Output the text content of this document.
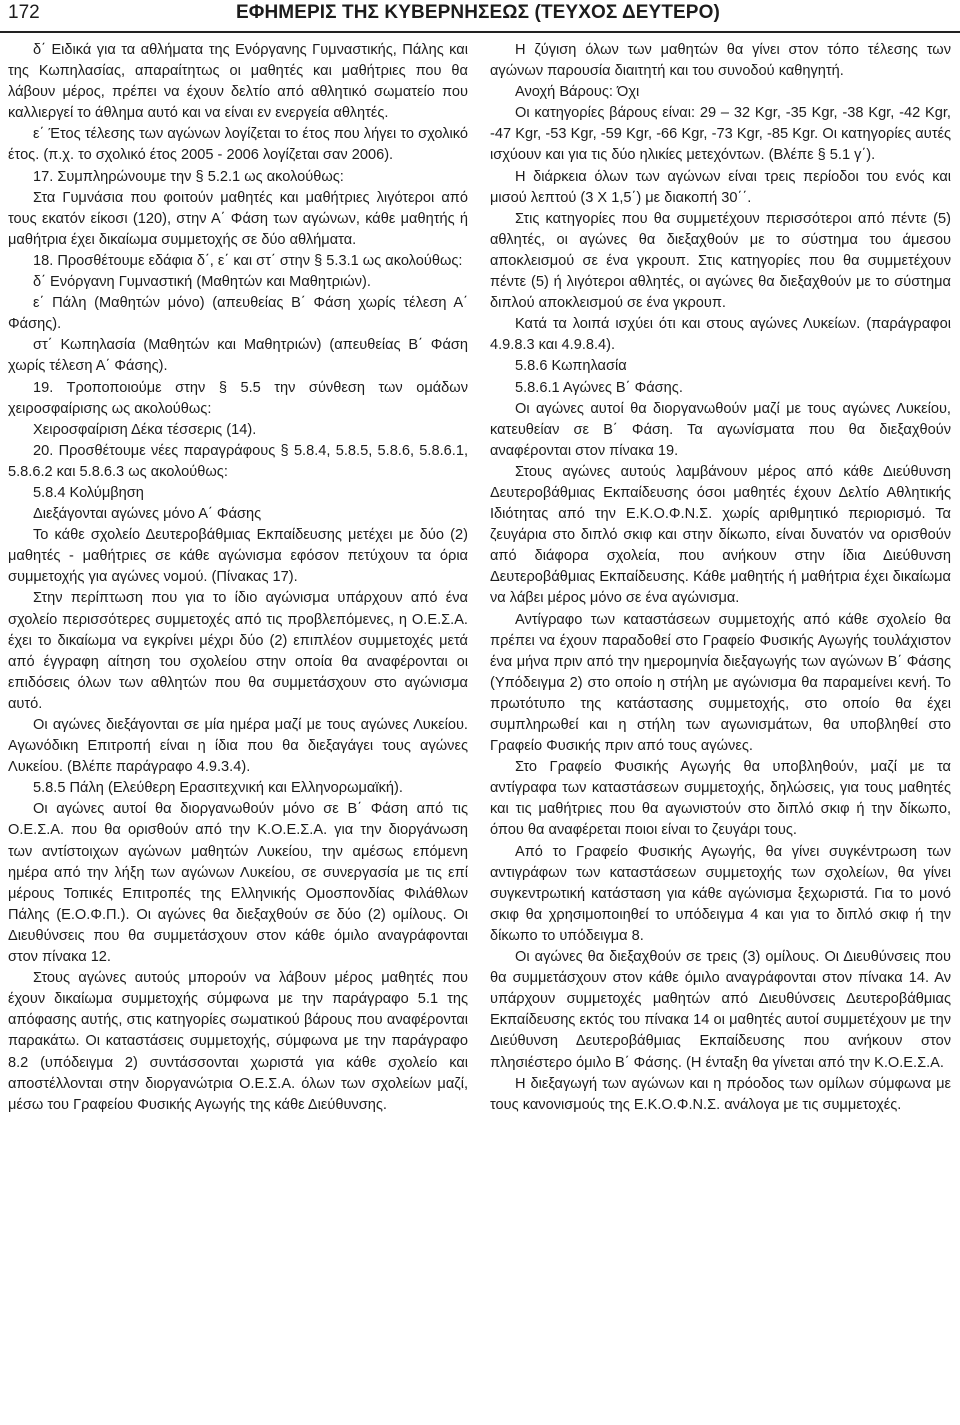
172	ΕΦΗΜΕΡΙΣ ΤΗΣ ΚΥΒΕΡΝΗΣΕΩΣ (ΤΕΥΧΟΣ ΔΕΥΤΕΡΟ)

δ΄ Ειδικά για τα αθλήματα της Ενόργανης Γυμναστικής, Πάλης και της Κωπηλασίας, απαραίτητως οι μαθητές και μαθήτριες που θα λάβουν μέρος, πρέπει να έχουν δελτίο από αθλητικό σωματείο που καλλιεργεί το άθλημα αυτό και να είναι εν ενεργεία αθλητές.

ε΄ Έτος τέλεσης των αγώνων λογίζεται το έτος που λήγει το σχολικό έτος. (π.χ. το σχολικό έτος 2005 - 2006 λογίζεται σαν 2006).

17. Συμπληρώνουμε την § 5.2.1 ως ακολούθως:

Στα Γυμνάσια που φοιτούν μαθητές και μαθήτριες λιγότεροι από τους εκατόν είκοσι (120), στην Α΄ Φάση των αγώνων, κάθε μαθητής ή μαθήτρια έχει δικαίωμα συμμετοχής σε δύο αθλήματα.

18. Προσθέτουμε εδάφια δ΄, ε΄ και στ΄ στην § 5.3.1 ως ακολούθως:

δ΄ Ενόργανη Γυμναστική (Μαθητών και Μαθητριών).

ε΄ Πάλη (Μαθητών μόνο) (απευθείας Β΄ Φάση χωρίς τέλεση Α΄ Φάσης).

στ΄ Κωπηλασία (Μαθητών και Μαθητριών) (απευθείας Β΄ Φάση χωρίς τέλεση Α΄ Φάσης).

19. Τροποποιούμε στην § 5.5 την σύνθεση των ομάδων χειροσφαίρισης ως ακολούθως:

Χειροσφαίριση Δέκα τέσσερις (14).

20. Προσθέτουμε νέες παραγράφους § 5.8.4, 5.8.5, 5.8.6, 5.8.6.1, 5.8.6.2 και 5.8.6.3 ως ακολούθως:

5.8.4 Κολύμβηση

Διεξάγονται αγώνες μόνο Α΄ Φάσης

Το κάθε σχολείο Δευτεροβάθμιας Εκπαίδευσης μετέχει με δύο (2) μαθητές - μαθήτριες σε κάθε αγώνισμα εφόσον πετύχουν τα όρια συμμετοχής για αγώνες νομού. (Πίνακας 17).

Στην περίπτωση που για το ίδιο αγώνισμα υπάρχουν από ένα σχολείο περισσότερες συμμετοχές από τις προβλεπόμενες, η Ο.Ε.Σ.Α. έχει το δικαίωμα να εγκρίνει μέχρι δύο (2) επιπλέον συμμετοχές μετά από έγγραφη αίτηση του σχολείου στην οποία θα αναφέρονται οι επιδόσεις όλων των αθλητών που θα συμμετάσχουν στο αγώνισμα αυτό.

Οι αγώνες διεξάγονται σε μία ημέρα μαζί με τους αγώνες Λυκείου. Αγωνόδικη Επιτροπή είναι η ίδια που θα διεξαγάγει τους αγώνες Λυκείου. (Βλέπε παράγραφο 4.9.3.4).

5.8.5 Πάλη (Ελεύθερη Ερασιτεχνική και Ελληνορωμαϊκή).

Οι αγώνες αυτοί θα διοργανωθούν μόνο σε Β΄ Φάση από τις Ο.Ε.Σ.Α. που θα ορισθούν από την Κ.Ο.Ε.Σ.Α. για την διοργάνωση των αντίστοιχων αγώνων μαθητών Λυκείου, την αμέσως επόμενη ημέρα από την λήξη των αγώνων Λυκείου, σε συνεργασία με τις επί μέρους Τοπικές Επιτροπές της Ελληνικής Ομοσπονδίας Φιλάθλων Πάλης (Ε.Ο.Φ.Π.). Οι αγώνες θα διεξαχθούν σε δύο (2) ομίλους. Οι Διευθύνσεις που θα συμμετάσχουν στον κάθε όμιλο αναγράφονται στον πίνακα 12.

Στους αγώνες αυτούς μπορούν να λάβουν μέρος μαθητές που έχουν δικαίωμα συμμετοχής σύμφωνα με την παράγραφο 5.1 της απόφασης αυτής, στις κατηγορίες σωματικού βάρους που αναφέρονται παρακάτω. Οι καταστάσεις συμμετοχής, σύμφωνα με την παράγραφο 8.2 (υπόδειγμα 2) συντάσσονται χωριστά για κάθε σχολείο και αποστέλλονται στην διοργανώτρια Ο.Ε.Σ.Α. όλων των σχολείων μαζί, μέσω του Γραφείου Φυσικής Αγωγής της κάθε Διεύθυνσης.

Η ζύγιση όλων των μαθητών θα γίνει στον τόπο τέλεσης των αγώνων παρουσία διαιτητή και του συνοδού καθηγητή.

Ανοχή Βάρους: Όχι

Οι κατηγορίες βάρους είναι: 29 – 32 Kgr, -35 Kgr, -38 Kgr, -42 Kgr, -47 Kgr, -53 Kgr, -59 Kgr, -66 Kgr, -73 Kgr, -85 Kgr. Οι κατηγορίες αυτές ισχύουν και για τις δύο ηλικίες μετεχόντων. (Βλέπε § 5.1 γ΄).

Η διάρκεια όλων των αγώνων είναι τρεις περίοδοι του ενός και μισού λεπτού (3 Χ 1,5΄) με διακοπή 30΄΄.

Στις κατηγορίες που θα συμμετέχουν περισσότεροι από πέντε (5) αθλητές, οι αγώνες θα διεξαχθούν με το σύστημα του άμεσου αποκλεισμού σε ένα γκρουπ. Στις κατηγορίες που θα συμμετέχουν πέντε (5) ή λιγότεροι αθλητές, οι αγώνες θα διεξαχθούν με το σύστημα διπλού αποκλεισμού σε ένα γκρουπ.

Κατά τα λοιπά ισχύει ότι και στους αγώνες Λυκείων. (παράγραφοι 4.9.8.3 και 4.9.8.4).

5.8.6 Κωπηλασία

5.8.6.1 Αγώνες Β΄ Φάσης.

Οι αγώνες αυτοί θα διοργανωθούν μαζί με τους αγώνες Λυκείου, κατευθείαν σε Β΄ Φάση. Τα αγωνίσματα που θα διεξαχθούν αναφέρονται στον πίνακα 19.

Στους αγώνες αυτούς λαμβάνουν μέρος από κάθε Διεύθυνση Δευτεροβάθμιας Εκπαίδευσης όσοι μαθητές έχουν Δελτίο Αθλητικής Ιδιότητας από την Ε.Κ.Ο.Φ.Ν.Σ. χωρίς αριθμητικό περιορισμό. Τα ζευγάρια στο διπλό σκιφ και στην δίκωπο, είναι δυνατόν να ορισθούν από διάφορα σχολεία, που ανήκουν στην ίδια Διεύθυνση Δευτεροβάθμιας Εκπαίδευσης. Κάθε μαθητής ή μαθήτρια έχει δικαίωμα να λάβει μέρος μόνο σε ένα αγώνισμα.

Αντίγραφο των καταστάσεων συμμετοχής από κάθε σχολείο θα πρέπει να έχουν παραδοθεί στο Γραφείο Φυσικής Αγωγής τουλάχιστον ένα μήνα πριν από την ημερομηνία διεξαγωγής των αγώνων Β΄ Φάσης (Υπόδειγμα 2) στο οποίο η στήλη με αγώνισμα θα παραμείνει κενή. Το πρωτότυπο της κατάστασης συμμετοχής, στο οποίο θα έχει συμπληρωθεί και η στήλη των αγωνισμάτων, θα υποβληθεί στο Γραφείο Φυσικής πριν από τους αγώνες.

Στο Γραφείο Φυσικής Αγωγής θα υποβληθούν, μαζί με τα αντίγραφα των καταστάσεων συμμετοχής, δηλώσεις, για τους μαθητές και τις μαθήτριες που θα αγωνιστούν στο διπλό σκιφ ή την δίκωπο, όπου θα αναφέρεται ποιοι είναι το ζευγάρι τους.

Από το Γραφείο Φυσικής Αγωγής, θα γίνει συγκέντρωση των αντιγράφων των καταστάσεων συμμετοχής των σχολείων, θα γίνει συγκεντρωτική κατάσταση για κάθε αγώνισμα ξεχωριστά. Για το μονό σκιφ θα χρησιμοποιηθεί το υπόδειγμα 4 και για το διπλό σκιφ ή την δίκωπο το υπόδειγμα 8.

Οι αγώνες θα διεξαχθούν σε τρεις (3) ομίλους. Οι Διευθύνσεις που θα συμμετάσχουν στον κάθε όμιλο αναγράφονται στον πίνακα 14. Αν υπάρχουν συμμετοχές μαθητών από Διευθύνσεις Δευτεροβάθμιας Εκπαίδευσης εκτός του πίνακα 14 οι μαθητές αυτοί συμμετέχουν με την Διεύθυνση Δευτεροβάθμιας Εκπαίδευσης που ανήκουν στον πλησιέστερο όμιλο Β΄ Φάσης. (Η ένταξη θα γίνεται από την Κ.Ο.Ε.Σ.Α.

Η διεξαγωγή των αγώνων και η πρόοδος των ομίλων σύμφωνα με τους κανονισμούς της Ε.Κ.Ο.Φ.Ν.Σ. ανάλογα με τις συμμετοχές.
